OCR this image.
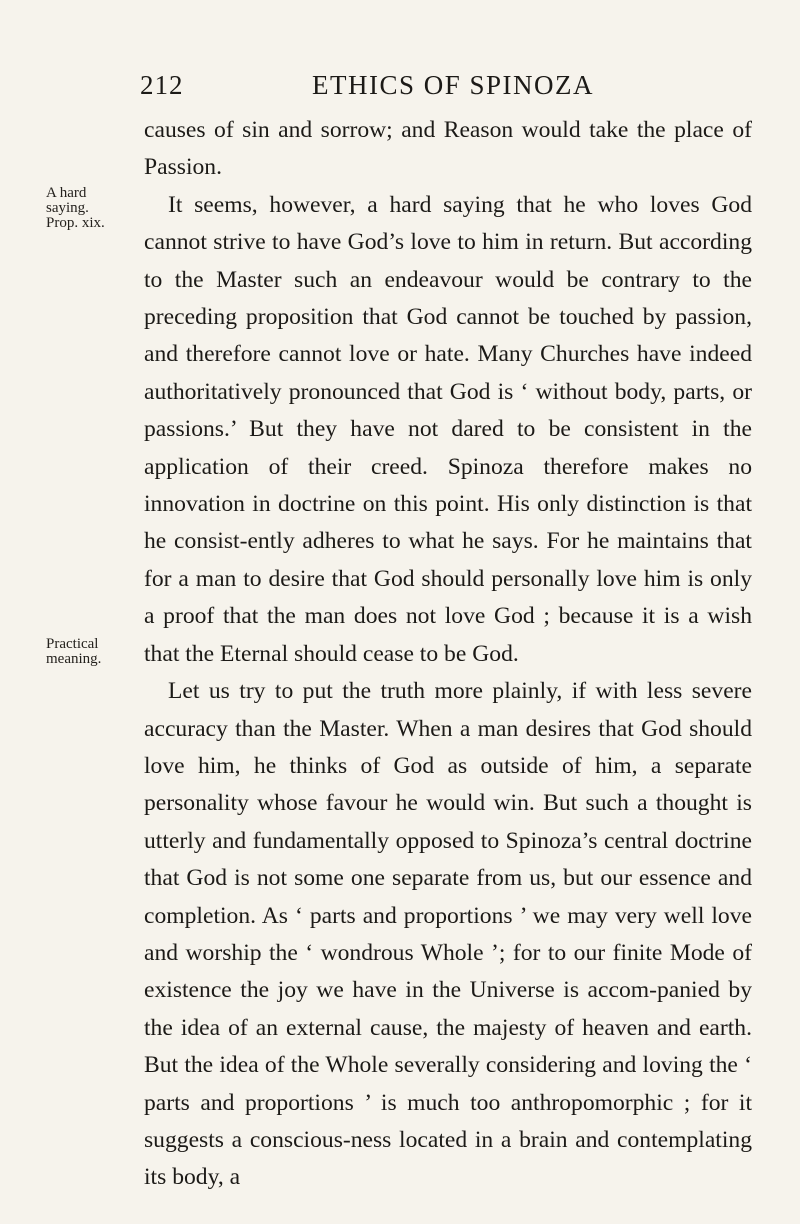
212	ETHICS OF SPINOZA
A hard
saying.
Prop. xix.
Practical
meaning.

causes of sin and sorrow; and Reason would take the place of Passion.

It seems, however, a hard saying that he who loves God cannot strive to have God’s love to him in return. But according to the Master such an endeavour would be contrary to the preceding proposition that God cannot be touched by passion, and therefore cannot love or hate. Many Churches have indeed authoritatively pronounced that God is ‘ without body, parts, or passions.’ But they have not dared to be consistent in the application of their creed. Spinoza therefore makes no innovation in doctrine on this point. His only distinction is that he consist-ently adheres to what he says. For he maintains that for a man to desire that God should personally love him is only a proof that the man does not love God ; because it is a wish that the Eternal should cease to be God.

Let us try to put the truth more plainly, if with less severe accuracy than the Master. When a man desires that God should love him, he thinks of God as outside of him, a separate personality whose favour he would win. But such a thought is utterly and fundamentally opposed to Spinoza’s central doctrine that God is not some one separate from us, but our essence and completion. As ‘ parts and proportions ’ we may very well love and worship the ‘ wondrous Whole ’; for to our finite Mode of existence the joy we have in the Universe is accom-panied by the idea of an external cause, the majesty of heaven and earth. But the idea of the Whole severally considering and loving the ‘ parts and proportions ’ is much too anthropomorphic ; for it suggests a conscious-ness located in a brain and contemplating its body, a
